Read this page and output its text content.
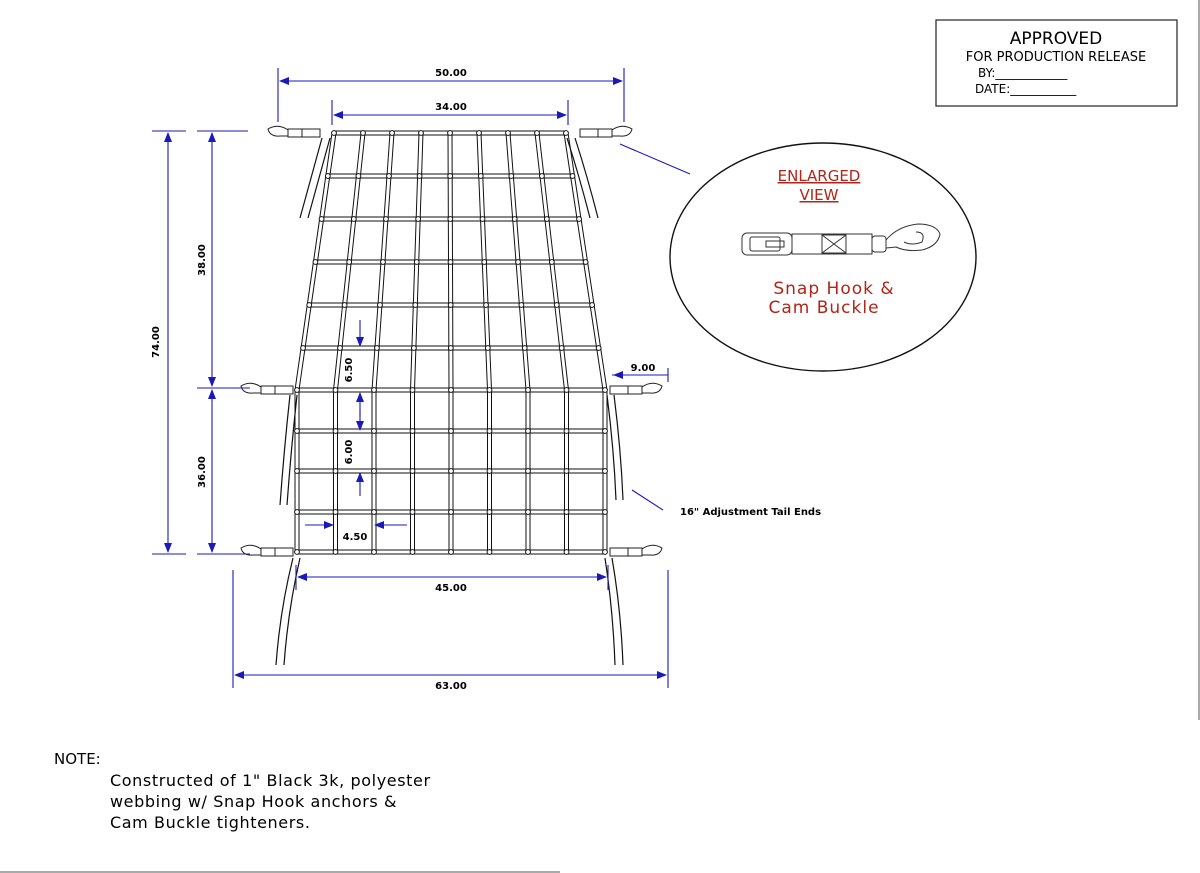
APPROVED
FOR PRODUCTION RELEASE
BY:____________
DATE:___________
50.00
34.00
74.00
38.00
36.00
6.50
6.00
4.50
9.00
45.00
63.00
16" Adjustment Tail Ends
ENLARGED
VIEW
Snap Hook &
Cam Buckle
NOTE:
Constructed of 1" Black 3k, polyester
webbing w/ Snap Hook anchors &
Cam Buckle tighteners.
